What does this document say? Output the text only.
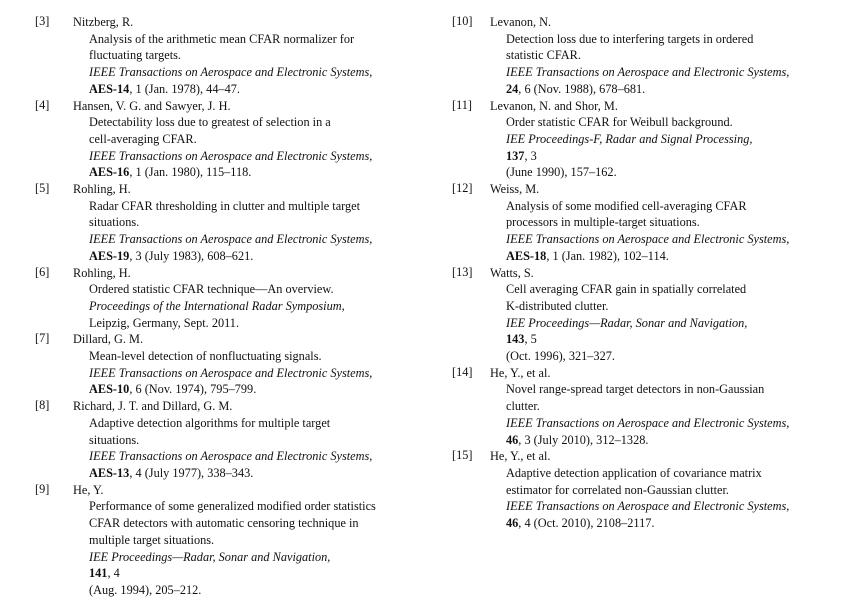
[3] Nitzberg, R.
Analysis of the arithmetic mean CFAR normalizer for
fluctuating targets.
IEEE Transactions on Aerospace and Electronic Systems,
AES-14, 1 (Jan. 1978), 44–47.
[4] Hansen, V. G. and Sawyer, J. H.
Detectability loss due to greatest of selection in a
cell-averaging CFAR.
IEEE Transactions on Aerospace and Electronic Systems,
AES-16, 1 (Jan. 1980), 115–118.
[5] Rohling, H.
Radar CFAR thresholding in clutter and multiple target
situations.
IEEE Transactions on Aerospace and Electronic Systems,
AES-19, 3 (July 1983), 608–621.
[6] Rohling, H.
Ordered statistic CFAR technique—An overview.
Proceedings of the International Radar Symposium,
Leipzig, Germany, Sept. 2011.
[7] Dillard, G. M.
Mean-level detection of nonfluctuating signals.
IEEE Transactions on Aerospace and Electronic Systems,
AES-10, 6 (Nov. 1974), 795–799.
[8] Richard, J. T. and Dillard, G. M.
Adaptive detection algorithms for multiple target
situations.
IEEE Transactions on Aerospace and Electronic Systems,
AES-13, 4 (July 1977), 338–343.
[9] He, Y.
Performance of some generalized modified order statistics
CFAR detectors with automatic censoring technique in
multiple target situations.
IEE Proceedings—Radar, Sonar and Navigation,
141, 4
(Aug. 1994), 205–212.
[10] Levanon, N.
Detection loss due to interfering targets in ordered
statistic CFAR.
IEEE Transactions on Aerospace and Electronic Systems,
24, 6 (Nov. 1988), 678–681.
[11] Levanon, N. and Shor, M.
Order statistic CFAR for Weibull background.
IEE Proceedings-F, Radar and Signal Processing,
137, 3
(June 1990), 157–162.
[12] Weiss, M.
Analysis of some modified cell-averaging CFAR
processors in multiple-target situations.
IEEE Transactions on Aerospace and Electronic Systems,
AES-18, 1 (Jan. 1982), 102–114.
[13] Watts, S.
Cell averaging CFAR gain in spatially correlated
K-distributed clutter.
IEE Proceedings—Radar, Sonar and Navigation,
143, 5
(Oct. 1996), 321–327.
[14] He, Y., et al.
Novel range-spread target detectors in non-Gaussian
clutter.
IEEE Transactions on Aerospace and Electronic Systems,
46, 3 (July 2010), 312–1328.
[15] He, Y., et al.
Adaptive detection application of covariance matrix
estimator for correlated non-Gaussian clutter.
IEEE Transactions on Aerospace and Electronic Systems,
46, 4 (Oct. 2010), 2108–2117.
